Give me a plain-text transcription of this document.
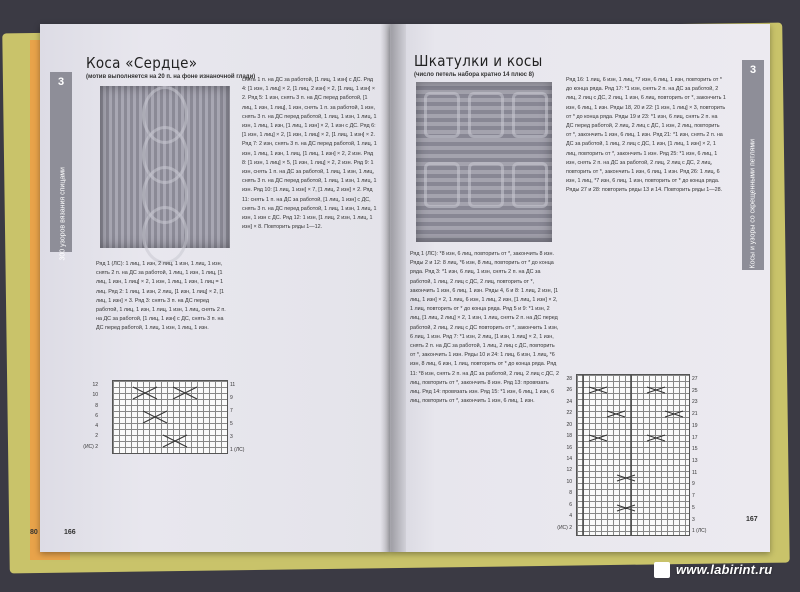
3
300 узоров вязания спицами
80	166
Коса «Сердце»
(мотив выполняется на 20 п. на фоне изнаночной глади)

Ряд 1 (ЛС): 1 лиц, 1 изн, 2 лиц, 1 изн, 1 лиц, 1 изн, снять 2 п. на ДС за работой, 1 лиц, 1 изн, 1 лиц, [1 лиц, 1 изн, 1 лиц] × 2, 1 изн, 1 лиц, 1 изн, 1 лиц = 1 лиц. Ряд 2: 1 лиц, 1 изн, 2 лиц, [1 изн, 1 лиц] × 2, [1 лиц, 1 изн] × 3. Ряд 3: снять 3 п. на ДС перед работой, 1 лиц, 1 изн, 1 лиц, 1 изн, 1 лиц, снять 2 п. на ДС за работой, [1 лиц, 1 изн] с ДС, снять 3 п. на ДС перед работой, 1 лиц, 1 изн, 1 лиц, 1 изн.

снять 1 п. на ДС за работой, [1 лиц, 1 изн] с ДС. Ряд 4: [1 изн, 1 лиц] × 2, [1 лиц, 2 изн] × 2, [1 лиц, 1 изн] × 2. Ряд 5: 1 изн, снять 3 п. на ДС перед работой, [1 лиц, 1 изн, 1 лиц], 1 изн, снять 1 п. за работой, 1 изн, снять 3 п. на ДС перед работой, 1 лиц, 1 изн, 1 лиц, 1 изн, 1 лиц, 1 изн, [1 лиц, 1 изн] × 2, 1 изн с ДС. Ряд 6: [1 изн, 1 лиц] × 2, [1 изн, 1 лиц] × 2, [1 лиц, 1 изн] × 2. Ряд 7: 2 изн, снять 3 п. на ДС перед работой, 1 лиц, 1 изн, 1 лиц, 1 изн, 1 лиц, [1 лиц, 1 изн] × 2, 2 изн. Ряд 8: [1 изн, 1 лиц] × 5, [1 изн, 1 лиц] × 2, 2 изн. Ряд 9: 1 изн, снять 1 п. на ДС за работой, 1 лиц, 1 изн, 1 лиц, снять 3 п. на ДС перед работой, 1 лиц, 1 изн, 1 лиц, 1 изн. Ряд 10: [1 лиц, 1 изн] × 7, [1 лиц, 2 изн] × 2. Ряд 11: снять 1 п. на ДС за работой, [1 лиц, 1 изн] с ДС, снять 3 п. на ДС перед работой, 1 лиц, 1 изн, 1 лиц, 1 изн, 1 изн с ДС. Ряд 12: 1 изн, [1 лиц, 2 изн, 1 лиц, 1 изн] × 8. Повторить ряды 1—12.

12
10
8
6
4
2
(ИС) 2
11
9
7
5
3
1 (ЛС)
3
Косы и узоры со скрещенными петлями
167
Шкатулки и косы
(число петель набора кратно 14 плюс 8)

Ряд 1 (ЛС): *8 изн, 6 лиц, повторить от *, закончить 8 изн. Ряды 2 и 12: 8 лиц, *6 изн, 8 лиц, повторить от * до конца ряда. Ряд 3: *1 изн, 6 лиц, 1 изн, снять 2 п. на ДС за работой, 1 лиц, 2 лиц с ДС, 2 лиц, повторить от *, закончить 1 изн, 6 лиц, 1 изн. Ряды 4, 6 и 8: 1 лиц, 2 изн, [1 лиц, 1 изн] × 2, 1 лиц, 6 изн, 1 лиц, 2 изн, [1 лиц, 1 изн] × 2, 1 лиц, повторить от * до конца ряда. Ряд 5 и 9: *1 изн, 2 лиц, [1 лиц, 2 лиц] × 2, 1 изн, 1 лиц, снять 2 п. на ДС перед работой, 2 лиц, 2 лиц с ДС повторить от *, закончить 1 изн, 6 лиц, 1 изн. Ряд 7: *1 изн, 2 лиц, [1 изн, 1 лиц] × 2, 1 изн, снять 2 п. на ДС за работой, 1 лиц, 2 лиц с ДС, повторить от *, закончить 1 изн. Ряды 10 и 24: 1 лиц, 6 изн, 1 лиц, *6 изн, 8 лиц, 6 изн, 1 лиц, повторить от * до конца ряда. Ряд 11: *8 изн, снять 2 п. на ДС за работой, 2 лиц, 2 лиц с ДС, 2 лиц, повторить от *, закончить 8 изн. Ряд 13: провязать лиц. Ряд 14: провязать изн. Ряд 15: *1 изн, 6 лиц, 1 изн, 6 лиц, повторить от *, закончить 1 изн, 6 лиц, 1 изн.

Ряд 16: 1 лиц, 6 изн, 1 лиц, *7 изн, 6 лиц, 1 изн, повторить от * до конца ряда. Ряд 17: *1 изн, снять 2 п. на ДС за работой, 2 лиц, 2 лиц с ДС, 2 лиц, 1 изн, 6 лиц, повторить от *, закончить 1 изн, 6 лиц, 1 изн. Ряды 18, 20 и 22: [1 изн, 1 лиц] × 3, повторить от * до конца ряда. Ряды 19 и 23: *1 изн, 6 лиц, снять 2 п. на ДС перед работой, 2 лиц, 2 лиц с ДС, 1 изн, 2 лиц, повторить от *, закончить 1 изн, 6 лиц, 1 изн. Ряд 21: *1 изн, снять 2 п. на ДС за работой, 1 лиц, 2 лиц с ДС, 1 изн, [1 лиц, 1 изн] × 2, 1 лиц, повторить от *, закончить 1 изн. Ряд 25: *1 изн, 6 лиц, 1 изн, снять 2 п. на ДС за работой, 2 лиц, 2 лиц с ДС, 2 лиц, повторить от *, закончить 1 изн, 6 лиц, 1 изн. Ряд 26: 1 лиц, 6 изн, 1 лиц, *7 изн, 6 лиц, 1 изн, повторить от * до конца ряда. Ряды 27 и 28: повторить ряды 13 и 14. Повторить ряды 1—28.

28
26
24
22
20
18
16
14
12
10
8
6
4
(ИС) 2
27
25
23
21
19
17
15
13
11
9
7
5
3
1 (ЛС)
www.labirint.ru
